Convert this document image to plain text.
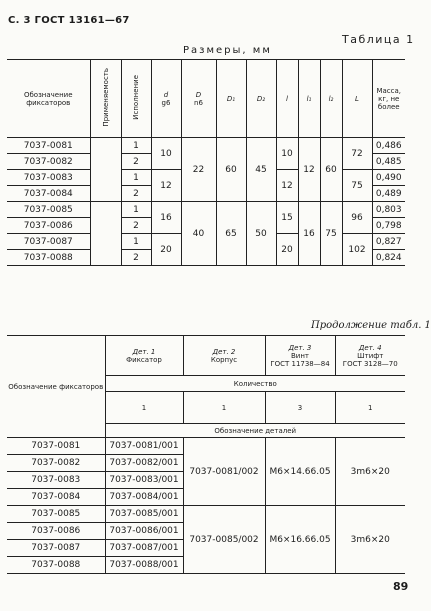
С. 3 ГОСТ 13161—67
Таблица 1
Размеры, мм
Обозначение фиксаторов	Применяемость	Исполнение	d
g6	D
n6	D₁	D₂	l	l₁	l₂	L	Масса, кг, не более
7037-0081		1	10	22	60	45	10	12	60	72	0,486
7037-0082		2									0,485
7037-0083		1	12				12			75	0,490
7037-0084		2									0,489
7037-0085		1	16	40	65	50	15	16	75	96	0,803
7037-0086		2									0,798
7037-0087		1	20				20			102	0,827
7037-0088		2									0,824
Продолжение табл. 1
Обозначение фиксаторов	Дет. 1
Фиксатор	Дет. 2
Корпус	Дет. 3
Винт
ГОСТ 11738—84	Дет. 4
Штифт
ГОСТ 3128—70
	Количество			
	1	1	3	1
	Обозначение деталей			
7037-0081	7037-0081/001	7037-0081/002	М6×14.66.05	3m6×20
7037-0082	7037-0082/001			
7037-0083	7037-0083/001			
7037-0084	7037-0084/001			
7037-0085	7037-0085/001	7037-0085/002	М6×16.66.05	3m6×20
7037-0086	7037-0086/001			
7037-0087	7037-0087/001			
7037-0088	7037-0088/001			
89
